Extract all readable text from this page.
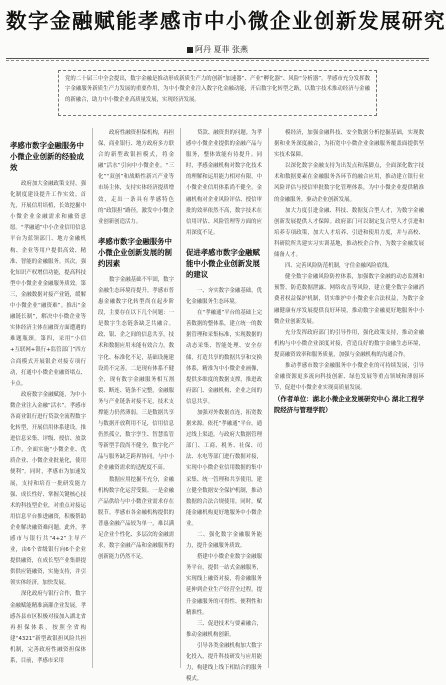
数字金融赋能孝感市中小微企业创新发展研究
阿丹 夏菲 张燕
党的二十届三中全会提出，数字金融是推动形成新质生产力的创新“加速器”、产业“孵化器”、风险“分析器”。孝感市充分发挥数字金融服务新质生产力发展的重要作用，为中小微企业注入数字化金融动能，开启数字化转型之路，以数字技术推动经济与金融的新融合，助力中小微企业高质量发展，实现经济发展。
孝感市数字金融服务中小微企业创新的经验成效

政府加大金融政策支持，强化制度建设提升工作实效。首先，开展信用培植，长效挖掘中小微企业金融需求和融资意愿。“孝融通”中小企业信用信息平台为蓝领部门、地方金融机构、企业等用户提供高效、精准、智能的金融服务。其次，强化知识产权增信功能，提高科技型中小微企业金融服务质效。第三，金融数据对接产业链，缓解中小微企业“融资难”。推出“金融链长制”，解决中小微企业等实体经济主体在融资方面遭遇的难题瓶颈。第四，采用“小信+互联网+银行+监管部门”四方合商模式开展银企对接专项行动，打通中小微企业融资堵点、卡点。

政府数字金融赋能，为中小微企业注入金融“活水”。孝感市各商业银行进行贷款全流程数字化转型，开展信用体系建设，推进信息采集、评级、授信、放款工作，全面实施“小微企业、优质企业、小微企业批量化，使用便利”。同时，孝感市为加速发展，支持和培育一批研发能力强、成长性好、掌握关键核心技术的科技型企业，对重点对接运用信息平台推进融资，积极帮助企业解决融资难问题。此外，孝感市与银行共“4+2”主导产业，由6个省级银行向6个企业提供融资，在成长型产业集群提供供应链融资，实施支持，并引领实体经济，加快发展。

深化政府与银行合作，数字金融赋能精准滴灌企业发展。孝感各县市区积极对接加入湖北省再担保体系，按照全省构建“4321”新型政银担风险共担机制，完善政府性融资担保体系，目前，孝感市采用

政府性融资担保机构，再担保，商业银行、地方政府多方联合的新型政银担模式，将金融“活水”引向中小微企业。“三化”“双创”和战略性新兴产业等市场主体，支持实体经济提质增效，走出一条具有孝感特色的“政银担”路径，激发中小微企业创新创造活力。

孝感市数字金融服务中小微企业创新发展的制约因素

数字金融基础不牢固，数字金融生态环境待提升。孝感市普惠金融数字化转型尚在起步阶段，主要存在以下几个问题：一是数字生态链条缺乏共融合。政、银、企之间的信息共享，技术和数据应用未能有效合力，数字化、标准化不足，基础设施建设尚不完善。二是现有体系不健全，现有数字金融服务相互割裂、断连、链条不完整，金融服务与产业链条对接不足，技术支撑能力仍然薄弱。三是数据共享与数据开放利用不足，信用信息仍然孤立，数字孪生、智慧监管等新型手段尚不健全，数字化产品与服务缺乏跨界协同，与中小企业融资需求的适配度不高。

数据应用挖掘不充分，金融机构数字化运营受限。一是金融产品供给与中小微企业需求存在脱节。孝感市各金融机构提供的普惠金融产品较为单一，难以满足企业个性化、多层次的金融需求，数字金融产品和金融服务的创新能力仍然不足。

贷款、融资贵的问题。为孝感中小微企业提供的金融产品与服务，整体效能有待提升。同时，孝感金融机构对数字化技术的理解和运用能力相对有限，中小微企业信用体系尚不健全，金融机构对企业风险评估、授信审批的效率依然不高，数字技术在信用评估、风险管理等方面的应用深度不足。

促进孝感市数字金融赋能中小微企业创新发展的建议

一、夯实数字金融基础，优化金融服务生态环境。

在“孝融通”平台的基础上完善数据的整体系，建立统一的数据管理和采集标准，实现数据的动态采集、智能处理、安全存储，打造共享的数据共享和交换体系，精准为中小微企业画像，提供多维度的数据支撑，推进政府部门、金融机构、企业之间的信息共享。

加强对外数据直连，拓宽数据来源。依托“孝融通”平台，通过线上渠道，与政府大数据管理部门、工商、税务、社保、司法、水电等部门进行数据对接，实现中小微企业信用数据的集中采集、统一管理和共享使用，建立健全数据安全保护机制，推动数据的合法合规使用。同时，赋能金融机构更好地服务中小微企业。

二、强化数字金融服务能力，提升金融服务质效。

搭建中小微企业数字金融服务平台，提供一站式金融服务，实现线上融资对接，将金融服务延伸到企业生产经营全过程，提升金融服务的可得性、便利性和精准性。

三、促进技术与要素融合，推动金融机构创新。

引导各类金融机构加大数字化投入，提升科技研发与应用能力，构建线上线下相结合的服务模式。

模经济，加强金融科技、安全数据分析挖掘基础，实现数据和业务深度融合，为拓宽中小微企业金融服务覆盖面提供坚实技术保障。

以深化数字金融支持为出发点和落脚点，全面深化数字技术和数据要素在金融服务各环节的融合应用，推动建立银行业风险评估与授信审批数字化管理体系，为中小微企业提供精准的金融服务，驱动企业创新发展。

加大力度引进金融、科技、数据复合型人才，为数字金融创新发展提供人才保障。政府部门可以制定复合型人才引进和培养专项政策，加大人才培养、引进和使用力度，并与高校、科研院所共建实习实训基地，推动校企合作，为数字金融发展储备人才。

四、完善风险防范机制，守住金融风险底线。

健全数字金融风险防控体系，加强数字金融的动态监测和预警，防范数据泄露、网络攻击等风险，建立健全数字金融消费者权益保护机制，切实维护中小微企业合法权益，为数字金融健康有序发展提供良好环境，推动数字金融更好地服务中小微企业创新发展。

充分发挥政府部门的引导作用，强化政策支持，推动金融机构与中小微企业深度对接，营造良好的数字金融生态环境，提高融资效率和服务质量，加强与金融机构的沟通合作。

推动孝感市数字金融服务中小微企业的可持续发展，引导金融资源更多流向科技创新、绿色发展等重点领域和薄弱环节，促进中小微企业实现高质量发展。

（作者单位：湖北小微企业发展研究中心 湖北工程学院经济与管理学院）
